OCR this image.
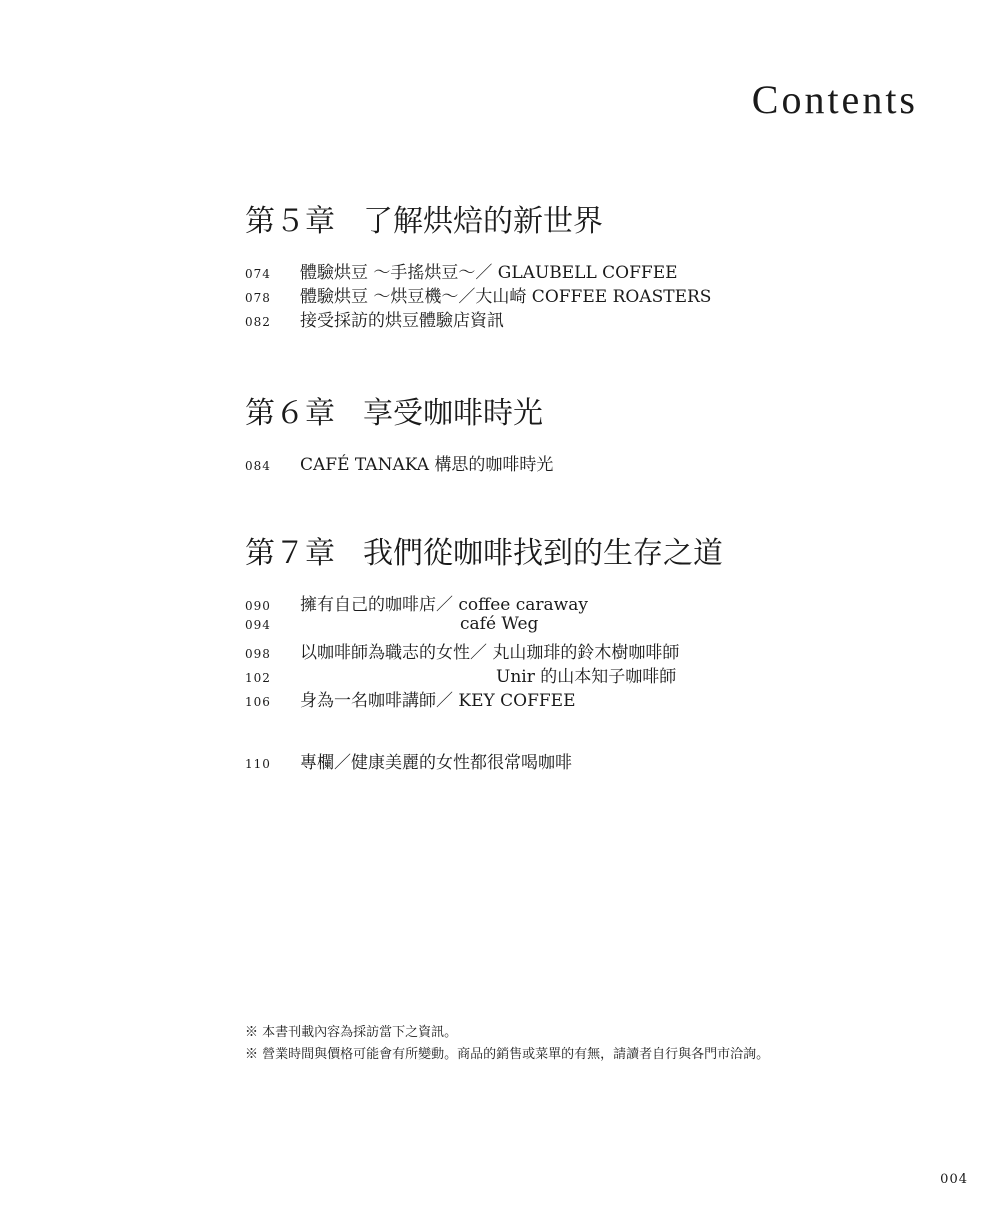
Contents
第５章 了解烘焙的新世界
074	體驗烘豆 ～手搖烘豆～／ GLAUBELL COFFEE
078	體驗烘豆 ～烘豆機～／大山崎 COFFEE ROASTERS
082	接受採訪的烘豆體驗店資訊
第６章 享受咖啡時光
084	CAFÉ TANAKA 構思的咖啡時光
第７章 我們從咖啡找到的生存之道
090	擁有自己的咖啡店／ coffee caraway
094	café Weg
098	以咖啡師為職志的女性／ 丸山珈琲的鈴木樹咖啡師
102	Unir 的山本知子咖啡師
106	身為一名咖啡講師／ KEY COFFEE
110	專欄／健康美麗的女性都很常喝咖啡
※ 本書刊載內容為採訪當下之資訊。
※ 營業時間與價格可能會有所變動。商品的銷售或菜單的有無，請讀者自行與各門市洽詢。
004
